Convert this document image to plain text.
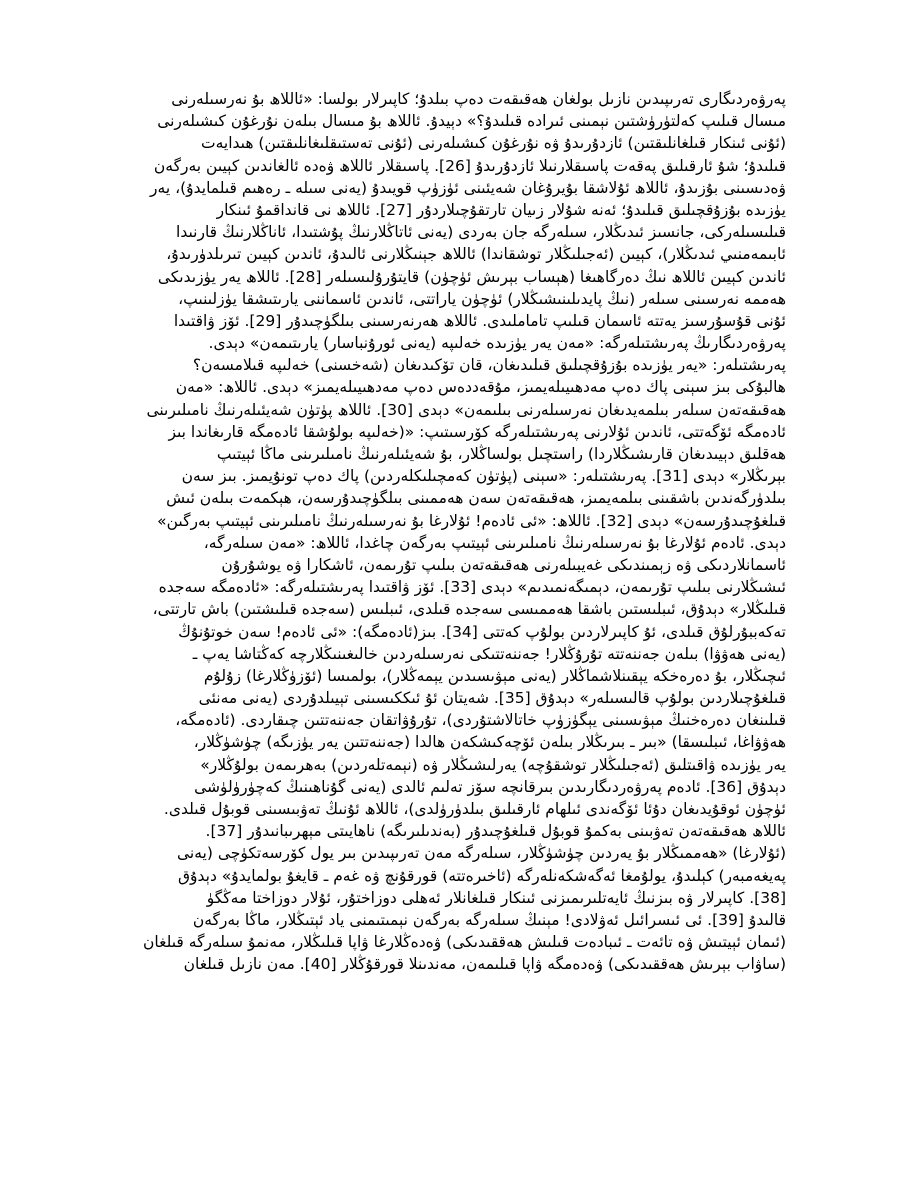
پەرۋەردىگارى تەرىپىدىن نازىل بولغان ھەقىقەت دەپ بىلدۇ؛ كاپىرلار بولسا: «ئاللاھ بۇ نەرسىلەرنى
مىسال قىلىپ كەلتۈرۈشتىن نېمىنى ئىرادە قىلىدۇ؟» دېيدۇ. ئاللاھ بۇ مىسال بىلەن نۇرغۇن كىشىلەرنى
(ئۇنى ئىنكار قىلغانلىقتىن) ئازدۇرىدۇ ۋە نۇرغۇن كىشىلەرنى (ئۇنى تەستىقلىغانلىقتىن) ھىدايەت
قىلىدۇ؛ شۇ ئارقىلىق پەقەت پاسىقلارنىلا ئازدۇرىدۇ [26]. پاسىقلار ئاللاھ ۋەدە ئالغاندىن كېيىن بەرگەن
ۋەدىسىنى بۇزىدۇ، ئاللاھ ئۇلاشقا بۇيرۇغان شەيئىنى ئۈزۈپ قويىدۇ (يەنى سىلە ـ رەھىم قىلمايدۇ)، يەر
يۈزىدە بۇزۇقچىلىق قىلىدۇ؛ ئەنە شۇلار زىيان تارتقۇچىلاردۇر [27]. ئاللاھ نى قانداقمۇ ئىنكار
قىلىسىلەركى، جانسىز ئىدىڭلار، سىلەرگە جان بەردى (يەنى ئاتاڭلارنىڭ پۇشتىدا، ئاناڭلارنىڭ قارنىدا
ئابىمەمنىي ئىدىڭلار)، كېيىن (ئەجىلىڭلار توشقاندا) ئاللاھ جېنىڭلارنى ئالىدۇ، ئاندىن كېيىن تىرىلدۈرىدۇ،
ئاندىن كېيىن ئاللاھ نىڭ دەرگاھىغا (ھېساب بېرىش ئۈچۈن) قايتۇرۇلىسىلەر [28]. ئاللاھ يەر يۈزىدىكى
ھەممە نەرسىنى سىلەر (نىڭ پايدىلىنىشىڭلار) ئۈچۈن ياراتتى، ئاندىن ئاسماننى يارىتىشقا يۈزلىنىپ،
ئۇنى قۇسۇرسىز يەتتە ئاسمان قىلىپ تاماملىدى. ئاللاھ ھەرنەرسىنى بىلگۈچىدۇر [29]. ئۆز ۋاقتىدا
پەرۋەردىگارىڭ پەرىشتىلەرگە: «مەن يەر يۈزىدە خەلىپە (يەنى ئورۇنباسار) يارىتىمەن» دېدى.
پەرىشتىلەر: «يەر يۈزىدە بۇزۇقچىلىق قىلىدىغان، قان تۆكىدىغان (شەخسنى) خەلىپە قىلامسەن؟
ھالبۇكى بىز سېنى پاك دەپ مەدھىيىلەيمىز، مۇقەددەس دەپ مەدھىيىلەيمىز» دېدى. ئاللاھ: «مەن
ھەقىقەتەن سىلەر بىلمەيدىغان نەرسىلەرنى بىلىمەن» دېدى [30]. ئاللاھ پۈتۈن شەيئىلەرنىڭ نامىلىرىنى
ئادەمگە ئۆگەتتى، ئاندىن ئۇلارنى پەرىشتىلەرگە كۆرسىتىپ: «(خەلىپە بولۇشقا ئادەمگە قارىغاندا بىز
ھەقلىق دېيىدىغان قارىشىڭلاردا) راستچىل بولساڭلار، بۇ شەيئىلەرنىڭ نامىلىرىنى ماڭا ئېيتىپ
بېرىڭلار» دېدى [31]. پەرىشتىلەر: «سېنى (پۈتۈن كەمچىلىكلەردىن) پاك دەپ تونۇيمىز. بىز سەن
بىلدۈرگەندىن باشقىنى بىلمەيمىز، ھەقىقەتەن سەن ھەممىنى بىلگۈچىدۇرسەن، ھېكمەت بىلەن ئىش
قىلغۇچىدۇرسەن» دېدى [32]. ئاللاھ: «ئى ئادەم! ئۇلارغا بۇ نەرسىلەرنىڭ نامىلىرىنى ئېيتىپ بەرگىن»
دېدى. ئادەم ئۇلارغا بۇ نەرسىلەرنىڭ نامىلىرىنى ئېيتىپ بەرگەن چاغدا، ئاللاھ: «مەن سىلەرگە،
ئاسمانلاردىكى ۋە زېمىندىكى غەيبىلەرنى ھەقىقەتەن بىلىپ تۇرىمەن، ئاشكارا ۋە يوشۇرۇن
ئىشىڭلارنى بىلىپ تۇرىمەن، دېمىگەنمىدىم» دېدى [33]. ئۆز ۋاقتىدا پەرىشتىلەرگە: «ئادەمگە سەجدە
قىلىڭلار» دېدۇق، ئىبلىستىن باشقا ھەممىسى سەجدە قىلدى، ئىبلىس (سەجدە قىلىشتىن) باش تارتتى،
تەكەببۇرلۇق قىلدى، ئۇ كاپىرلاردىن بولۇپ كەتتى [34]. بىز(ئادەمگە): «ئى ئادەم! سەن خوتۇنۇڭ
(يەنى ھەۋۋا) بىلەن جەننەتتە تۇرۇڭلار! جەننەتتىكى نەرسىلەردىن خالىغىنىڭلارچە كەڭتاشا يەپ ـ
ئىچىڭلار، بۇ دەرەخكە يېقىنلاشماڭلار (يەنى مېۋىسىدىن يېمەڭلار)، بولمىسا (ئۆزۈڭلارغا) زۇلۇم
قىلغۇچىلاردىن بولۇپ قالىسىلەر» دېدۇق [35]. شەيتان ئۇ ئىككىسىنى تېيىلدۇردى (يەنى مەنئى
قىلىنغان دەرەخنىڭ مېۋىسىنى يېگۈزۈپ خاتالاشتۇردى)، تۇرۇۋاتقان جەننەتتىن چىقاردى. (ئادەمگە،
ھەۋۋاغا، ئىبلىسقا) «بىر ـ بىرىڭلار بىلەن ئۆچەكىشكەن ھالدا (جەننەتتىن يەر يۈزىگە) چۈشۈڭلار،
يەر يۈزىدە ۋاقىتلىق (ئەجىلىڭلار توشقۇچە) يەرلىشىڭلار ۋە (نېمەتلەردىن) بەھرىمەن بولۇڭلار»
دېدۇق [36]. ئادەم پەرۋەردىگارىدىن بىرقانچە سۆز تەلىم ئالدى (يەنى گۇناھىنىڭ كەچۈرۈلۈشى
ئۈچۈن ئوقۇيدىغان دۇئا ئۆگەندى ئىلھام ئارقىلىق بىلدۈرۈلدى)، ئاللاھ ئۇنىڭ تەۋبىسىنى قوبۇل قىلدى.
ئاللاھ ھەقىقەتەن تەۋبىنى بەكمۇ قوبۇل قىلغۇچىدۇر (بەندىلىرىگە) ناھايىتى مېھرىبانىدۇر [37].
(ئۇلارغا) «ھەممىڭلار بۇ يەردىن چۈشۈڭلار، سىلەرگە مەن تەرىپىدىن بىر يول كۆرسەتكۈچى (يەنى
پەيغەمبەر) كېلىدۇ، يولۇمغا ئەگەشكەنلەرگە (ئاخىرەتتە) قورقۇنچ ۋە غەم ـ قايغۇ بولمايدۇ» دېدۇق
[38]. كاپىرلار ۋە بىزنىڭ ئايەتلىرىمىزنى ئىنكار قىلغانلار ئەھلى دوزاختۇر، ئۇلار دوزاختا مەڭگۈ
قالىدۇ [39]. ئى ئىسرائىل ئەۋلادى! مېنىڭ سىلەرگە بەرگەن نېمىتىمنى ياد ئېتىڭلار، ماڭا بەرگەن
(ئىمان ئېيتىش ۋە تائەت ـ ئىبادەت قىلىش ھەققىدىكى) ۋەدەڭلارغا ۋاپا قىلىڭلار، مەنمۇ سىلەرگە قىلغان
(ساۋاب بېرىش ھەققىدىكى) ۋەدەمگە ۋاپا قىلىمەن، مەندىنلا قورقۇڭلار [40]. مەن نازىل قىلغان
